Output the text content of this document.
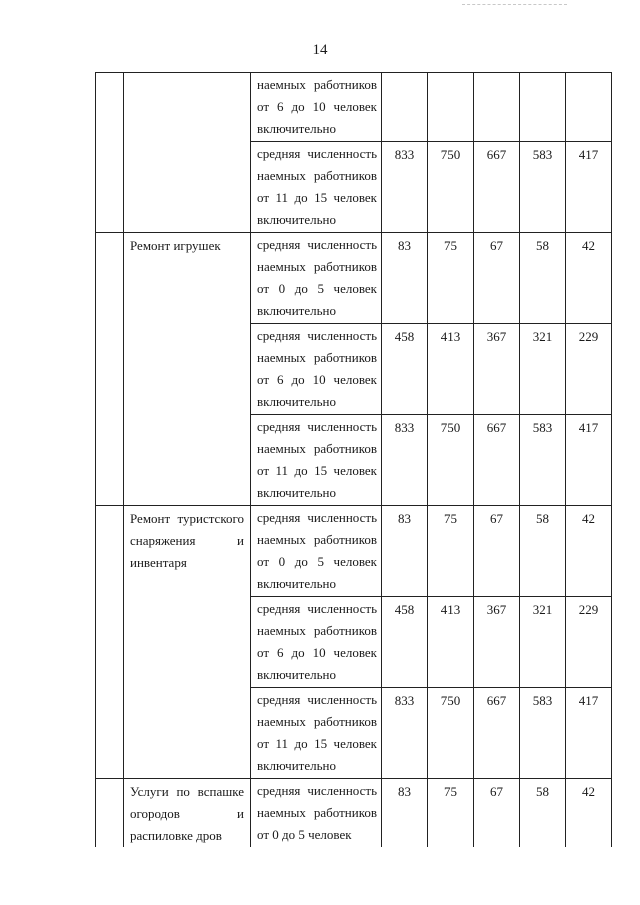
14

		наемных работников от 6 до 10 человек включительно					

		средняя численность наемных работников от 11 до 15 человек включительно	833	750	667	583	417

	Ремонт игрушек	средняя численность наемных работников от 0 до 5 человек включительно	83	75	67	58	42

		средняя численность наемных работников от 6 до 10 человек включительно	458	413	367	321	229

		средняя численность наемных работников от 11 до 15 человек включительно	833	750	667	583	417

	Ремонт туристского снаряжения и инвентаря	средняя численность наемных работников от 0 до 5 человек включительно	83	75	67	58	42

		средняя численность наемных работников от 6 до 10 человек включительно	458	413	367	321	229

		средняя численность наемных работников от 11 до 15 человек включительно	833	750	667	583	417

	Услуги по вспашке огородов и распиловке дров	средняя численность наемных работников от 0 до 5 человек	83	75	67	58	42
